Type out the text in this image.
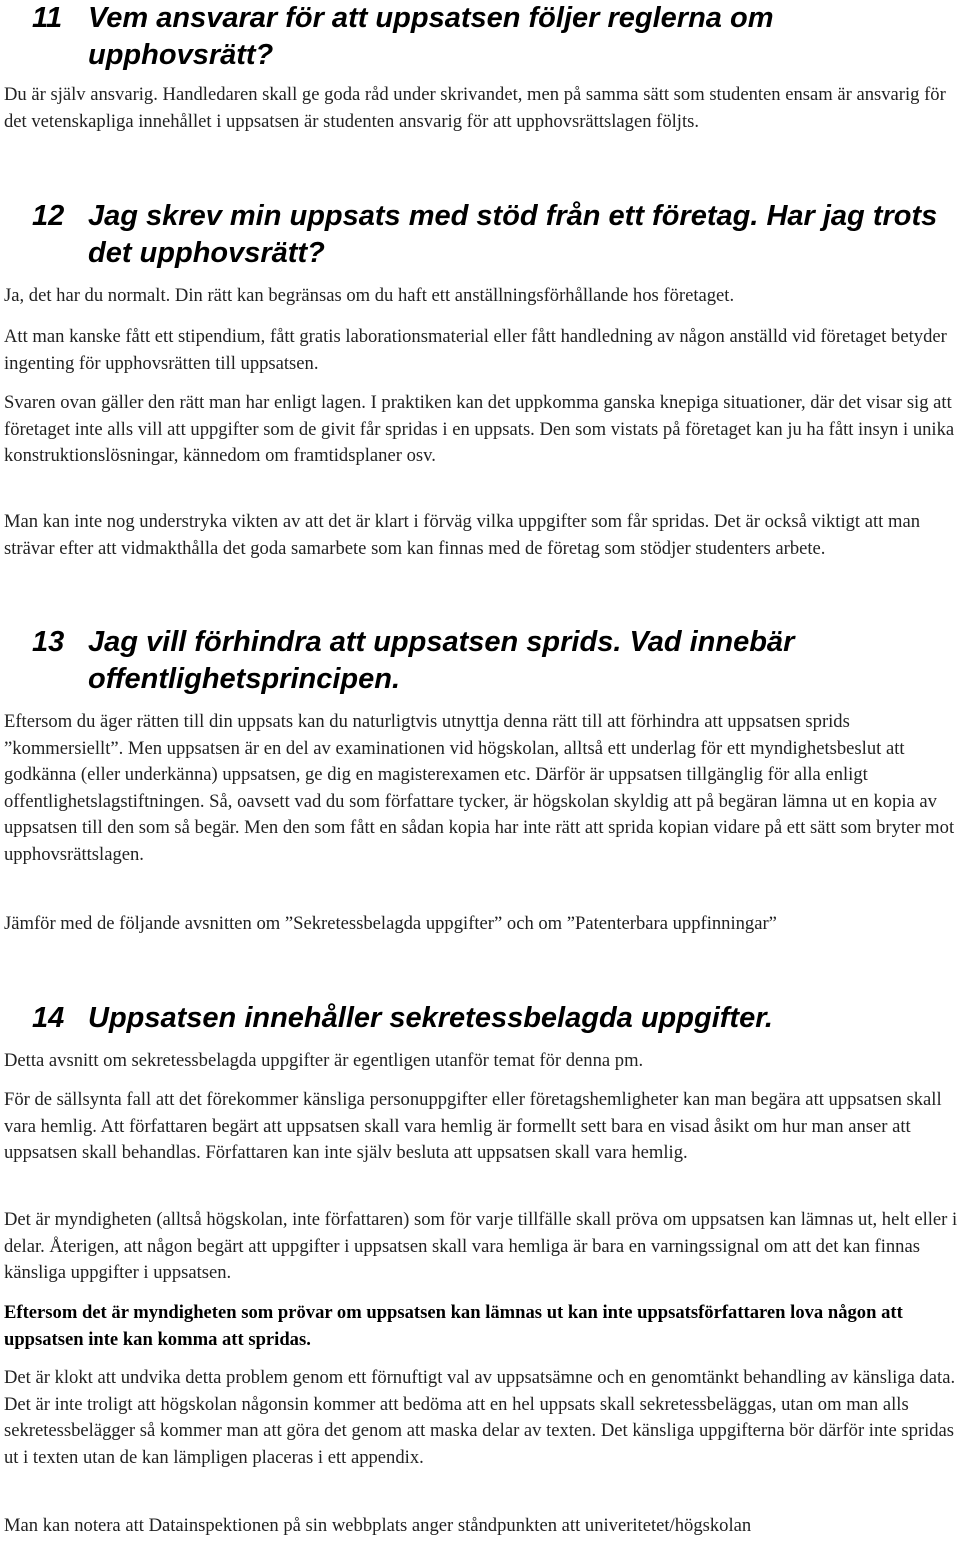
11 Vem ansvarar för att uppsatsen följer reglerna om upphovsrätt?

Du är själv ansvarig. Handledaren skall ge goda råd under skrivandet, men på samma sätt som studenten ensam är ansvarig för det vetenskapliga innehållet i uppsatsen är studenten ansvarig för att upphovsrättslagen följts.

12 Jag skrev min uppsats med stöd från ett företag. Har jag trots det upphovsrätt?

Ja, det har du normalt. Din rätt kan begränsas om du haft ett anställningsförhållande hos företaget.

Att man kanske fått ett stipendium, fått gratis laborationsmaterial eller fått handledning av någon anställd vid företaget betyder ingenting för upphovsrätten till uppsatsen.

Svaren ovan gäller den rätt man har enligt lagen. I praktiken kan det uppkomma ganska knepiga situationer, där det visar sig att företaget inte alls vill att uppgifter som de givit får spridas i en uppsats. Den som vistats på företaget kan ju ha fått insyn i unika konstruktionslösningar, kännedom om framtidsplaner osv.

Man kan inte nog understryka vikten av att det är klart i förväg vilka uppgifter som får spridas. Det är också viktigt att man strävar efter att vidmakthålla det goda samarbete som kan finnas med de företag som stödjer studenters arbete.

13 Jag vill förhindra att uppsatsen sprids. Vad innebär offentlighetsprincipen.

Eftersom du äger rätten till din uppsats kan du naturligtvis utnyttja denna rätt till att förhindra att uppsatsen sprids ”kommersiellt”. Men uppsatsen är en del av examinationen vid högskolan, alltså ett underlag för ett myndighetsbeslut att godkänna (eller underkänna) uppsatsen, ge dig en magisterexamen etc. Därför är uppsatsen tillgänglig för alla enligt offentlighetslagstiftningen. Så, oavsett vad du som författare tycker, är högskolan skyldig att på begäran lämna ut en kopia av uppsatsen till den som så begär. Men den som fått en sådan kopia har inte rätt att sprida kopian vidare på ett sätt som bryter mot upphovsrättslagen.

Jämför med de följande avsnitten om ”Sekretessbelagda uppgifter” och om ”Patenterbara uppfinningar”

14 Uppsatsen innehåller sekretessbelagda uppgifter.

Detta avsnitt om sekretessbelagda uppgifter är egentligen utanför temat för denna pm.

För de sällsynta fall att det förekommer känsliga personuppgifter eller företagshemligheter kan man begära att uppsatsen skall vara hemlig. Att författaren begärt att uppsatsen skall vara hemlig är formellt sett bara en visad åsikt om hur man anser att uppsatsen skall behandlas. Författaren kan inte själv besluta att uppsatsen skall vara hemlig.

Det är myndigheten (alltså högskolan, inte författaren) som för varje tillfälle skall pröva om uppsatsen kan lämnas ut, helt eller i delar. Återigen, att någon begärt att uppgifter i uppsatsen skall vara hemliga är bara en varningssignal om att det kan finnas känsliga uppgifter i uppsatsen.

Eftersom det är myndigheten som prövar om uppsatsen kan lämnas ut kan inte uppsatsförfattaren lova någon att uppsatsen inte kan komma att spridas.

Det är klokt att undvika detta problem genom ett förnuftigt val av uppsatsämne och en genomtänkt behandling av känsliga data. Det är inte troligt att högskolan någonsin kommer att bedöma att en hel uppsats skall sekretessbeläggas, utan om man alls sekretessbelägger så kommer man att göra det genom att maska delar av texten. Det känsliga uppgifterna bör därför inte spridas ut i texten utan de kan lämpligen placeras i ett appendix.

Man kan notera att Datainspektionen på sin webbplats anger ståndpunkten att univeritetet/högskolan
